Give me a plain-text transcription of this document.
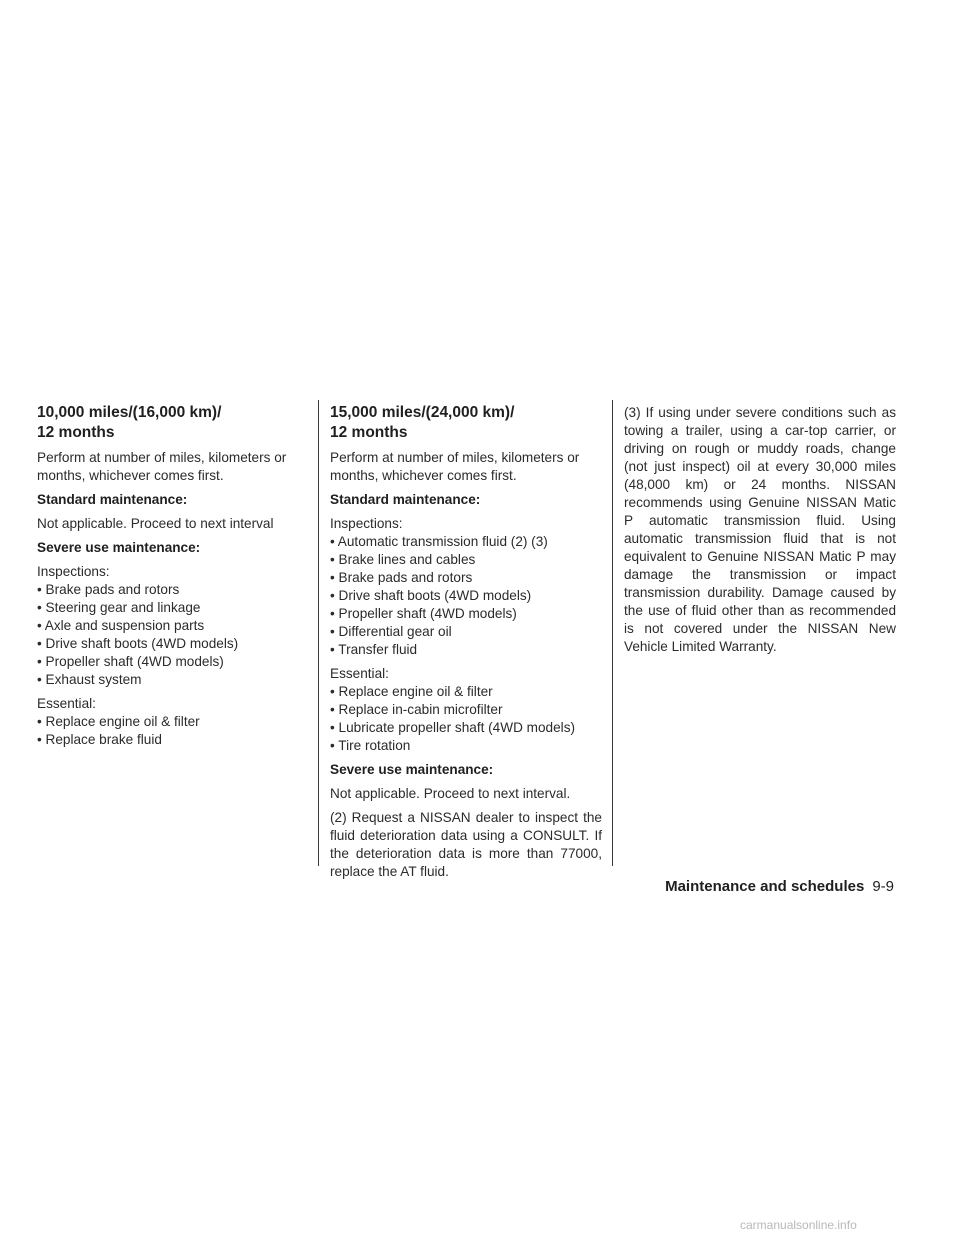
10,000 miles/(16,000 km)/
12 months

Perform at number of miles, kilometers or months, whichever comes first.

Standard maintenance:

Not applicable. Proceed to next interval

Severe use maintenance:

Inspections:
• Brake pads and rotors
• Steering gear and linkage
• Axle and suspension parts
• Drive shaft boots (4WD models)
• Propeller shaft (4WD models)
• Exhaust system
Essential:
• Replace engine oil & filter
• Replace brake fluid
15,000 miles/(24,000 km)/
12 months

Perform at number of miles, kilometers or months, whichever comes first.

Standard maintenance:

Inspections:
• Automatic transmission fluid (2) (3)
• Brake lines and cables
• Brake pads and rotors
• Drive shaft boots (4WD models)
• Propeller shaft (4WD models)
• Differential gear oil
• Transfer fluid
Essential:
• Replace engine oil & filter
• Replace in-cabin microfilter
• Lubricate propeller shaft (4WD models)
• Tire rotation

Severe use maintenance:

Not applicable. Proceed to next interval.

(2) Request a NISSAN dealer to inspect the fluid deterioration data using a CONSULT. If the deterioration data is more than 77000, replace the AT fluid.

(3) If using under severe conditions such as towing a trailer, using a car-top carrier, or driving on rough or muddy roads, change (not just inspect) oil at every 30,000 miles (48,000 km) or 24 months. NISSAN recommends using Genuine NISSAN Matic P automatic transmission fluid. Using automatic transmission fluid that is not equivalent to Genuine NISSAN Matic P may damage the transmission or impact transmission durability. Damage caused by the use of fluid other than as recommended is not covered under the NISSAN New Vehicle Limited Warranty.

Maintenance and schedules 9-9
carmanualsonline.info
